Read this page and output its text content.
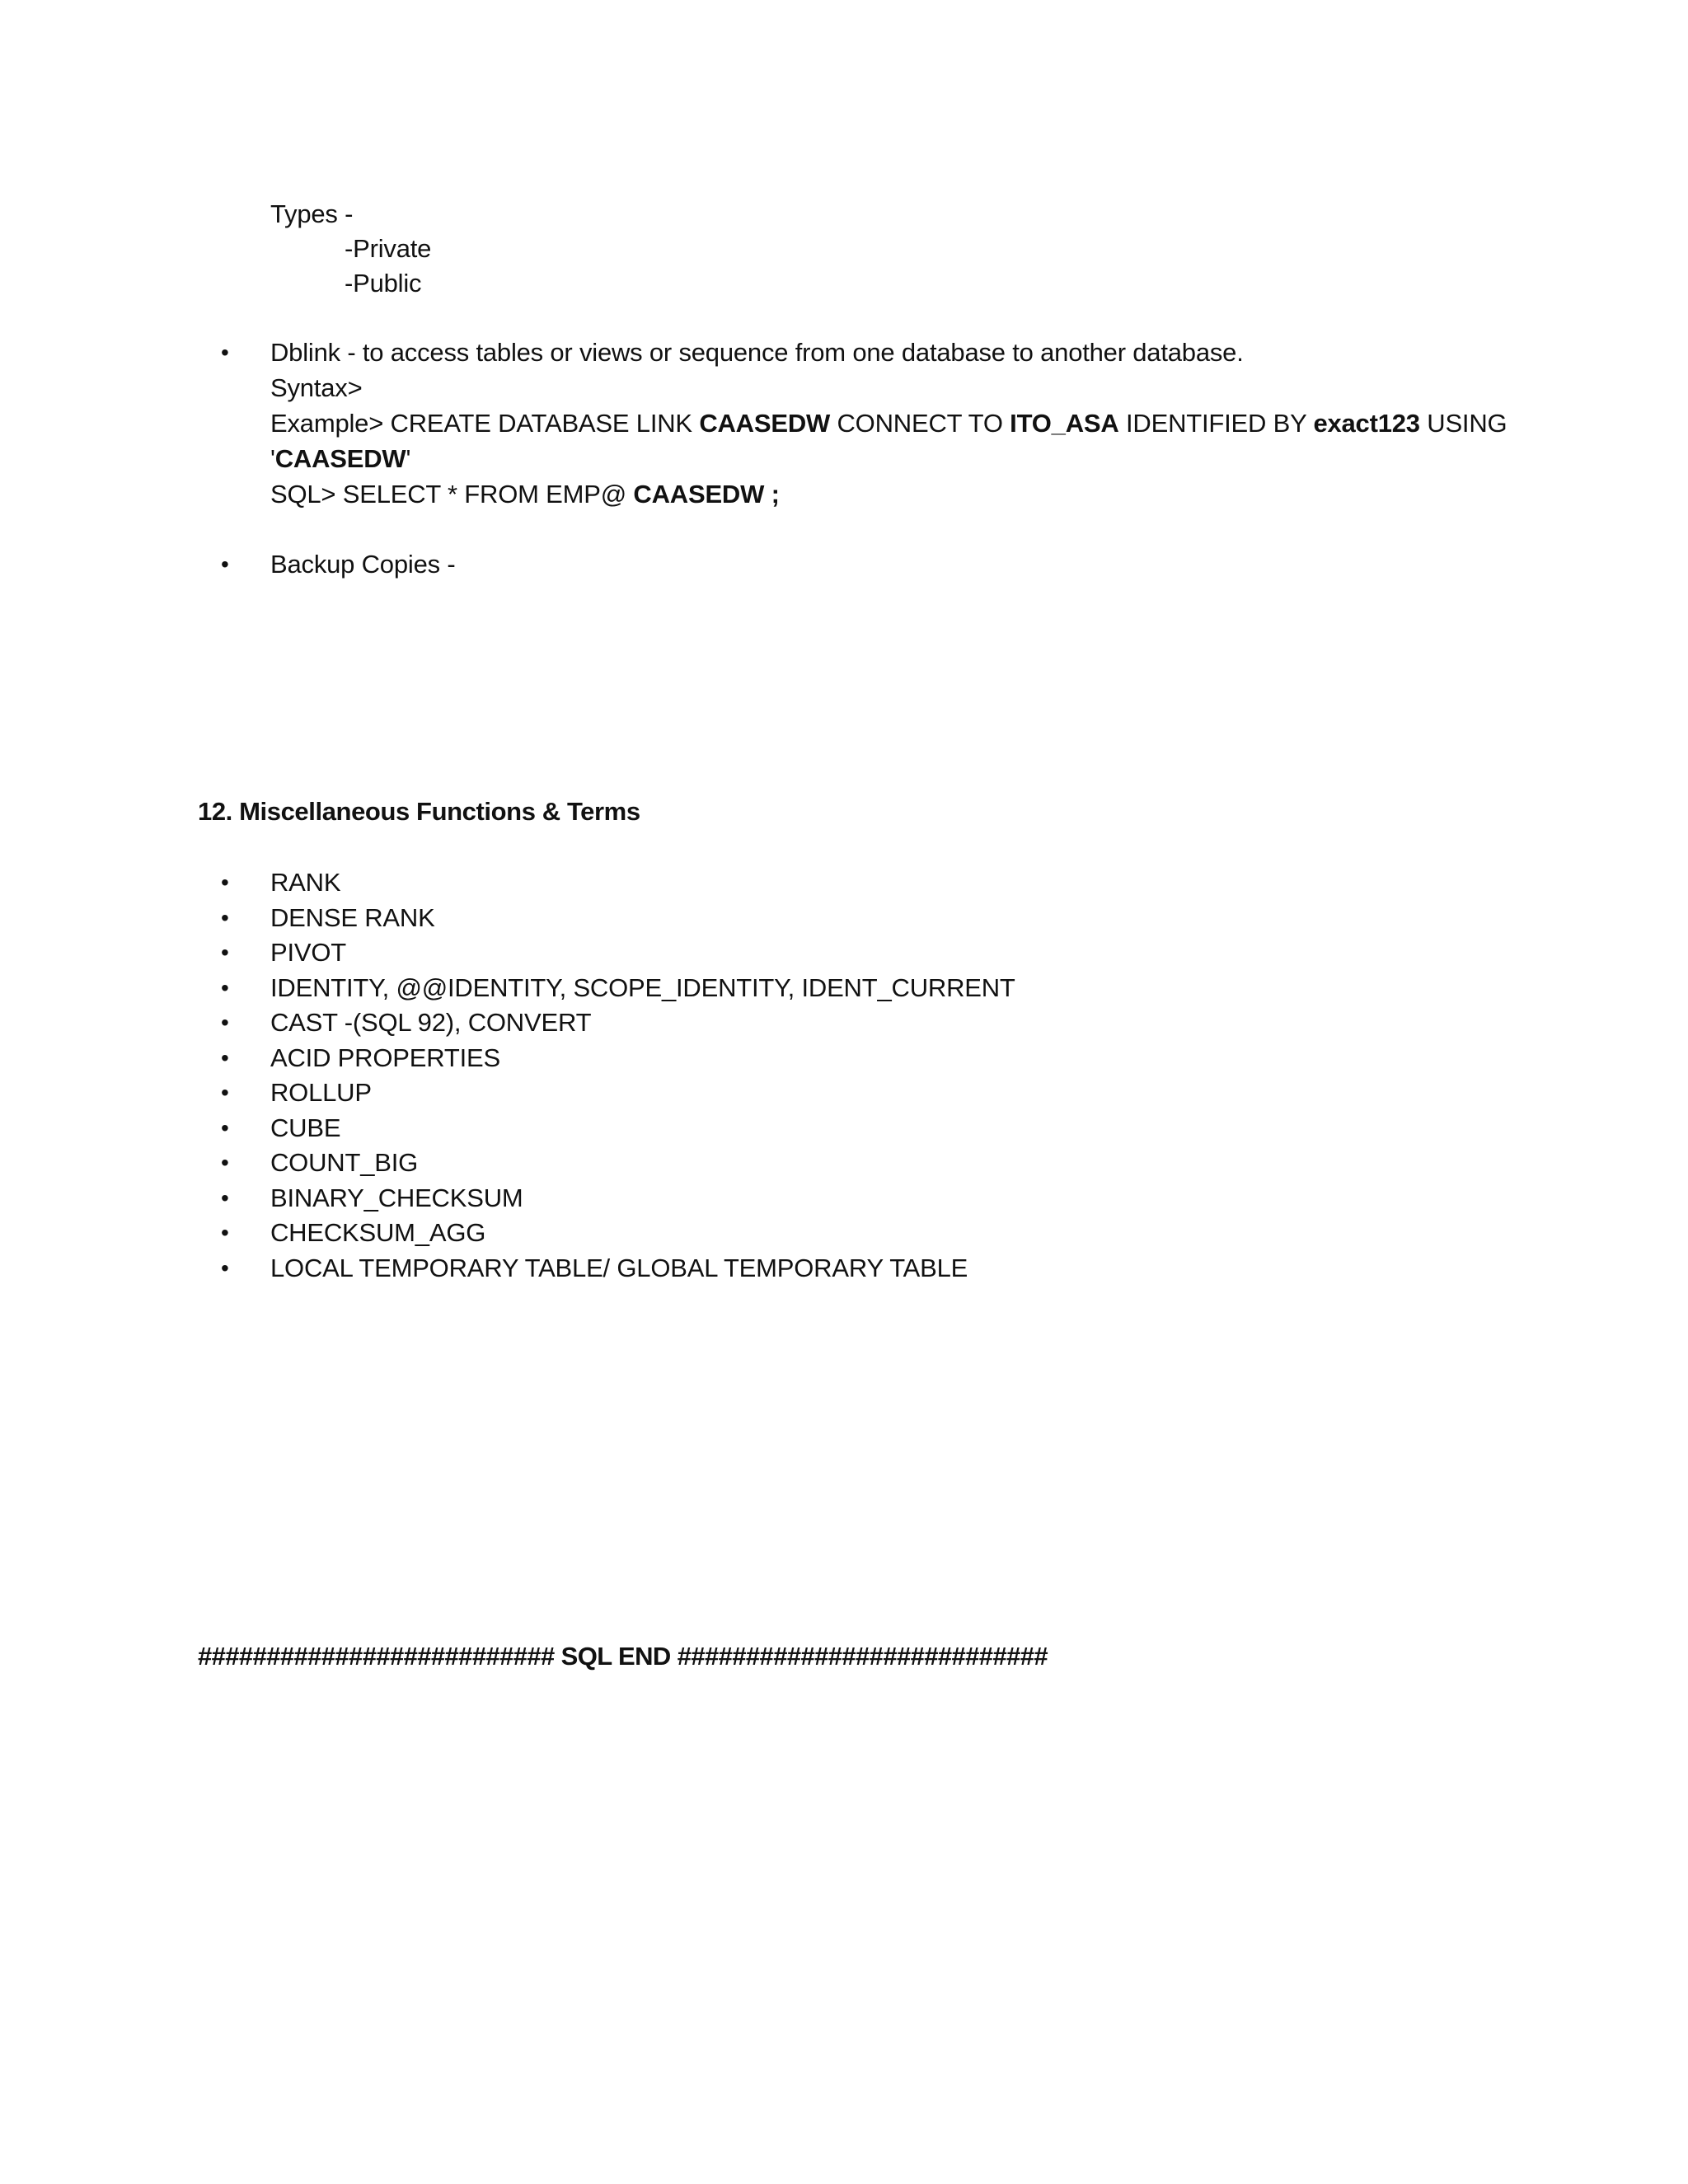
Types -
-Private
-Public
• Dblink - to access tables or views or sequence from one database to another database.
Syntax>
Example> CREATE DATABASE LINK CAASEDW CONNECT TO ITO_ASA IDENTIFIED BY exact123 USING
'CAASEDW'
SQL> SELECT * FROM EMP@ CAASEDW ;
• Backup Copies -
12. Miscellaneous Functions & Terms
• RANK
• DENSE RANK
• PIVOT
• IDENTITY, @@IDENTITY, SCOPE_IDENTITY, IDENT_CURRENT
• CAST -(SQL 92), CONVERT
• ACID PROPERTIES
• ROLLUP
• CUBE
• COUNT_BIG
• BINARY_CHECKSUM
• CHECKSUM_AGG
• LOCAL TEMPORARY TABLE/ GLOBAL TEMPORARY TABLE
########################## SQL END ###########################
